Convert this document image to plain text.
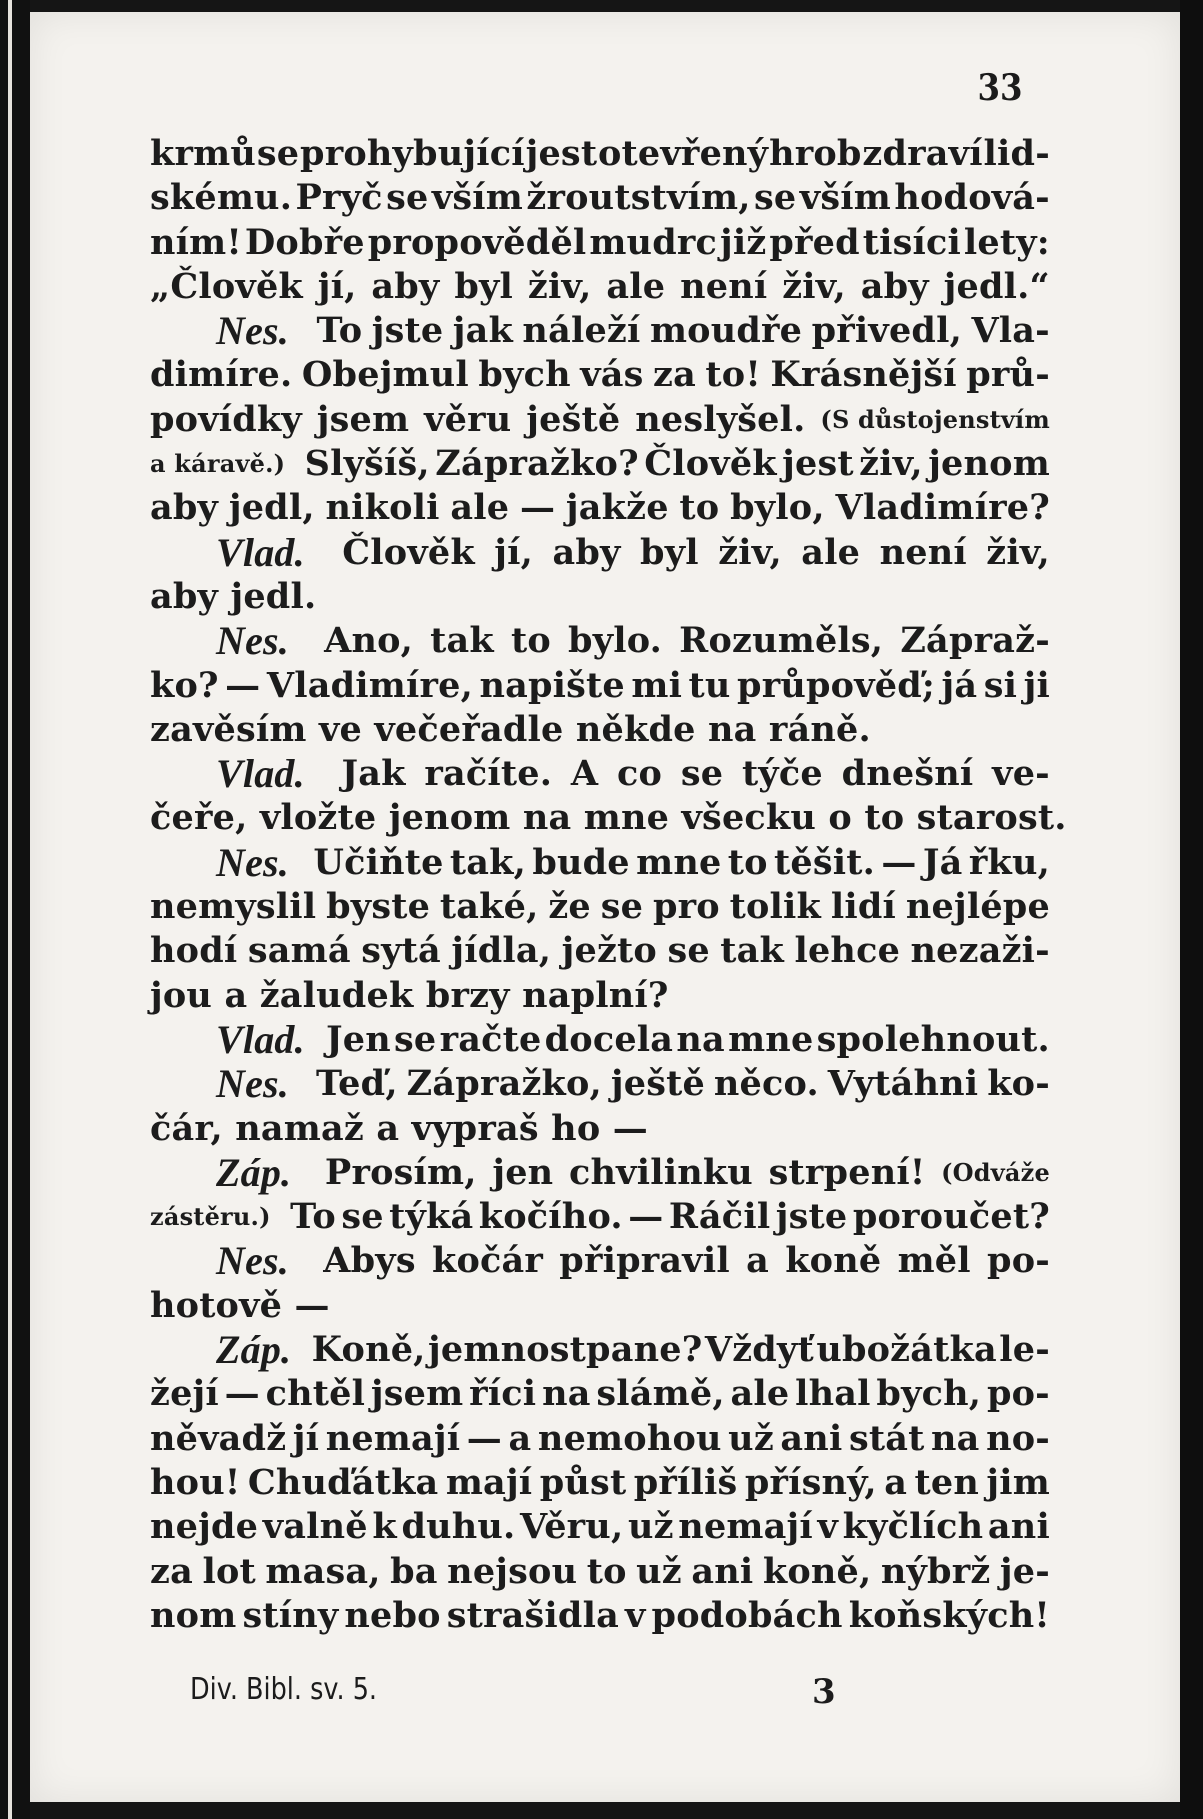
33
krmů se prohybující jest otevřený hrob zdraví lid-
skému. Pryč se vším žroutstvím, se vším hodová-
ním! Dobře propověděl mudrc již před tisíci lety:
„Člověk jí, aby byl živ, ale není živ, aby jedl.“
Nes. To jste jak náleží moudře přivedl, Vla-
dimíre. Obejmul bych vás za to! Krásnější prů-
povídky jsem věru ještě neslyšel. (S důstojenstvím
a káravě.) Slyšíš, Zápražko? Člověk jest živ, jenom
aby jedl, nikoli ale — jakže to bylo, Vladimíre?
Vlad. Člověk jí, aby byl živ, ale není živ,
aby jedl.
Nes. Ano, tak to bylo. Rozuměls, Zápraž-
ko? — Vladimíre, napište mi tu průpověď; já si ji
zavěsím ve večeřadle někde na ráně.
Vlad. Jak račíte. A co se týče dnešní ve-
čeře, vložte jenom na mne všecku o to starost.
Nes. Učiňte tak, bude mne to těšit. — Já řku,
nemyslil byste také, že se pro tolik lidí nejlépe
hodí samá sytá jídla, ježto se tak lehce nezaži-
jou a žaludek brzy naplní?
Vlad. Jen se račte docela na mne spolehnout.
Nes. Teď, Zápražko, ještě něco. Vytáhni ko-
čár, namaž a vypraš ho —
Záp. Prosím, jen chvilinku strpení! (Odváže
zástěru.) To se týká kočího. — Ráčil jste poroučet?
Nes. Abys kočár připravil a koně měl po-
hotově —
Záp. Koně, jemnostpane? Vždyť ubožátka le-
žejí — chtěl jsem říci na slámě, ale lhal bych, po-
něvadž jí nemají — a nemohou už ani stát na no-
hou! Chuďátka mají půst příliš přísný, a ten jim
nejde valně k duhu. Věru, už nemají v kyčlích ani
za lot masa, ba nejsou to už ani koně, nýbrž je-
nom stíny nebo strašidla v podobách koňských!
Div. Bibl. sv. 5.	3
